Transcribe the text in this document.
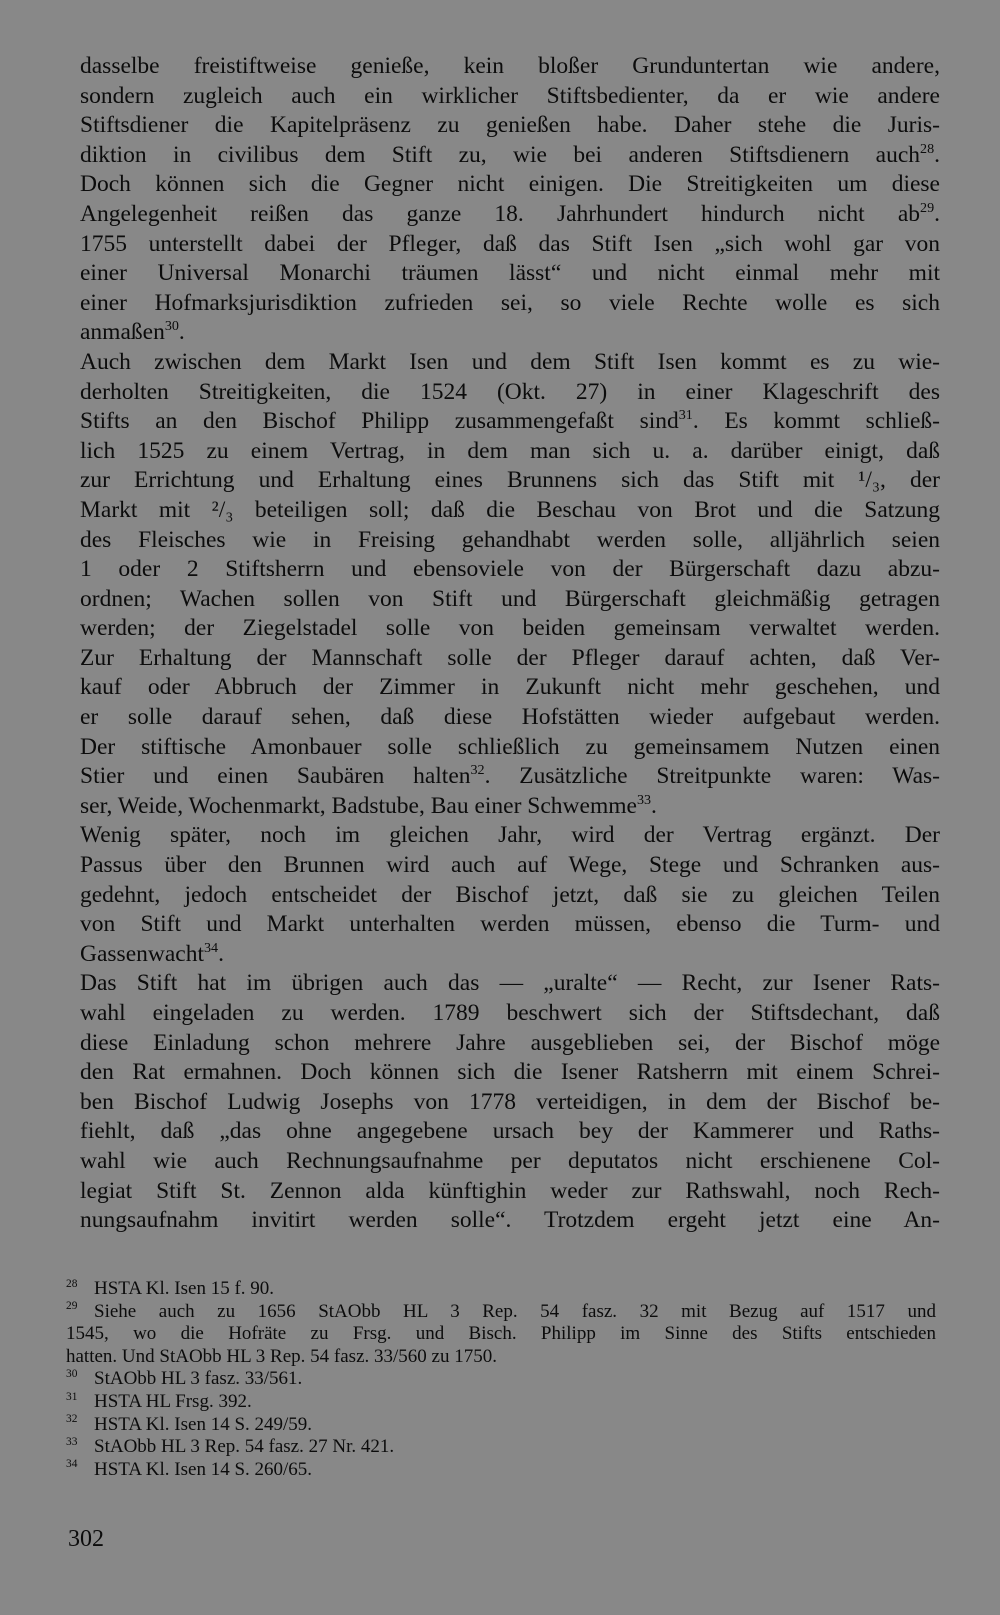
dasselbe freistiftweise genieße, kein bloßer Grunduntertan wie andere,
sondern zugleich auch ein wirklicher Stiftsbedienter, da er wie andere
Stiftsdiener die Kapitelpräsenz zu genießen habe. Daher stehe die Juris-
diktion in civilibus dem Stift zu, wie bei anderen Stiftsdienern auch$^{28}$.
Doch können sich die Gegner nicht einigen. Die Streitigkeiten um diese
Angelegenheit reißen das ganze 18. Jahrhundert hindurch nicht $ab^{29}$.
1755 unterstellt dabei der Pfleger, daß das Stift Isen „sich wohl gar von
einer Universal Monarchi träumen lässt“ und nicht einmal mehr mit
einer Hofmarksjurisdiktion zufrieden sei, so viele Rechte wolle es sich
anmaßen$^{30}$.
Auch zwischen dem Markt Isen und dem Stift Isen kommt es zu wie-
derholten Streitigkeiten, die 1524 (Okt. 27) in einer Klageschrift des
Stifts an den Bischof Philipp zusammengefaßt sind$^{31}$. Es kommt schließ-
lich 1525 zu einem Vertrag, in dem man sich u. a. darüber einigt, daß
zur Errichtung und Erhaltung eines Brunnens sich das Stift mit ¹/₃, der
Markt mit ²/₃ beteiligen soll; daß die Beschau von Brot und die Satzung
des Fleisches wie in Freising gehandhabt werden solle, alljährlich seien
1 oder 2 Stiftsherrn und ebensoviele von der Bürgerschaft dazu abzu-
ordnen; Wachen sollen von Stift und Bürgerschaft gleichmäßig getragen
werden; der Ziegelstadel solle von beiden gemeinsam verwaltet werden.
Zur Erhaltung der Mannschaft solle der Pfleger darauf achten, daß Ver-
kauf oder Abbruch der Zimmer in Zukunft nicht mehr geschehen, und
er solle darauf sehen, daß diese Hofstätten wieder aufgebaut werden.
Der stiftische Amonbauer solle schließlich zu gemeinsamem Nutzen einen
Stier und einen Saubären halten$^{32}$. Zusätzliche Streitpunkte waren: Was-
ser, Weide, Wochenmarkt, Badstube, Bau einer Schwemme$^{33}$.
Wenig später, noch im gleichen Jahr, wird der Vertrag ergänzt. Der
Passus über den Brunnen wird auch auf Wege, Stege und Schranken aus-
gedehnt, jedoch entscheidet der Bischof jetzt, daß sie zu gleichen Teilen
von Stift und Markt unterhalten werden müssen, ebenso die Turm- und
Gassenwacht$^{34}$.
Das Stift hat im übrigen auch das — „uralte“ — Recht, zur Isener Rats-
wahl eingeladen zu werden. 1789 beschwert sich der Stiftsdechant, daß
diese Einladung schon mehrere Jahre ausgeblieben sei, der Bischof möge
den Rat ermahnen. Doch können sich die Isener Ratsherrn mit einem Schrei-
ben Bischof Ludwig Josephs von 1778 verteidigen, in dem der Bischof be-
fiehlt, daß „das ohne angegebene ursach bey der Kammerer und Raths-
wahl wie auch Rechnungsaufnahme per deputatos nicht erschienene Col-
legiat Stift St. Zennon alda künftighin weder zur Rathswahl, noch Rech-
nungsaufnahm invitirt werden solle“. Trotzdem ergeht jetzt eine An-
28 HSTA Kl. Isen 15 f. 90.
29 Siehe auch zu 1656 StAObb HL 3 Rep. 54 fasz. 32 mit Bezug auf 1517 und
1545, wo die Hofräte zu Frsg. und Bisch. Philipp im Sinne des Stifts entschieden
hatten. Und StAObb HL 3 Rep. 54 fasz. 33/560 zu 1750.
30 StAObb HL 3 fasz. 33/561.
31 HSTA HL Frsg. 392.
32 HSTA Kl. Isen 14 S. 249/59.
33 StAObb HL 3 Rep. 54 fasz. 27 Nr. 421.
34 HSTA Kl. Isen 14 S. 260/65.
302
